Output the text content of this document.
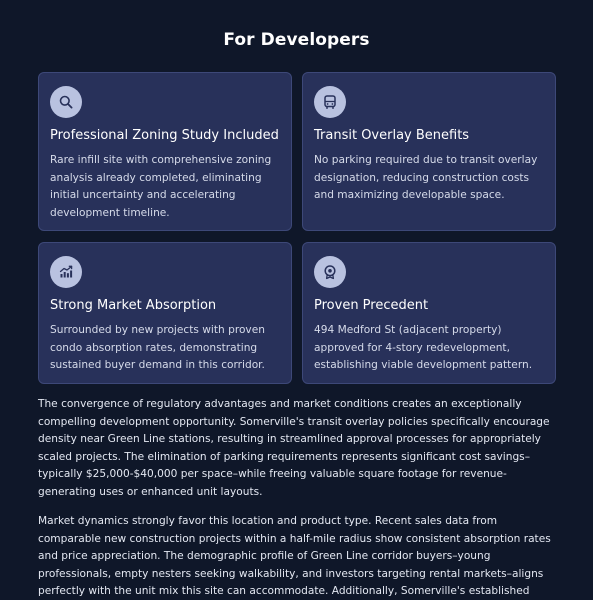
For Developers
Professional Zoning Study Included
Rare infill site with comprehensive zoning analysis already completed, eliminating initial uncertainty and accelerating development timeline.
Transit Overlay Benefits
No parking required due to transit overlay designation, reducing construction costs and maximizing developable space.
Strong Market Absorption
Surrounded by new projects with proven condo absorption rates, demonstrating sustained buyer demand in this corridor.
Proven Precedent
494 Medford St (adjacent property) approved for 4-story redevelopment, establishing viable development pattern.

The convergence of regulatory advantages and market conditions creates an exceptionally compelling development opportunity. Somerville's transit overlay policies specifically encourage density near Green Line stations, resulting in streamlined approval processes for appropriately scaled projects. The elimination of parking requirements represents significant cost savings–typically $25,000-$40,000 per space–while freeing valuable square footage for revenue-generating uses or enhanced unit layouts.

Market dynamics strongly favor this location and product type. Recent sales data from comparable new construction projects within a half-mile radius show consistent absorption rates and price appreciation. The demographic profile of Green Line corridor buyers–young professionals, empty nesters seeking walkability, and investors targeting rental markets–aligns perfectly with the unit mix this site can accommodate. Additionally, Somerville's established
